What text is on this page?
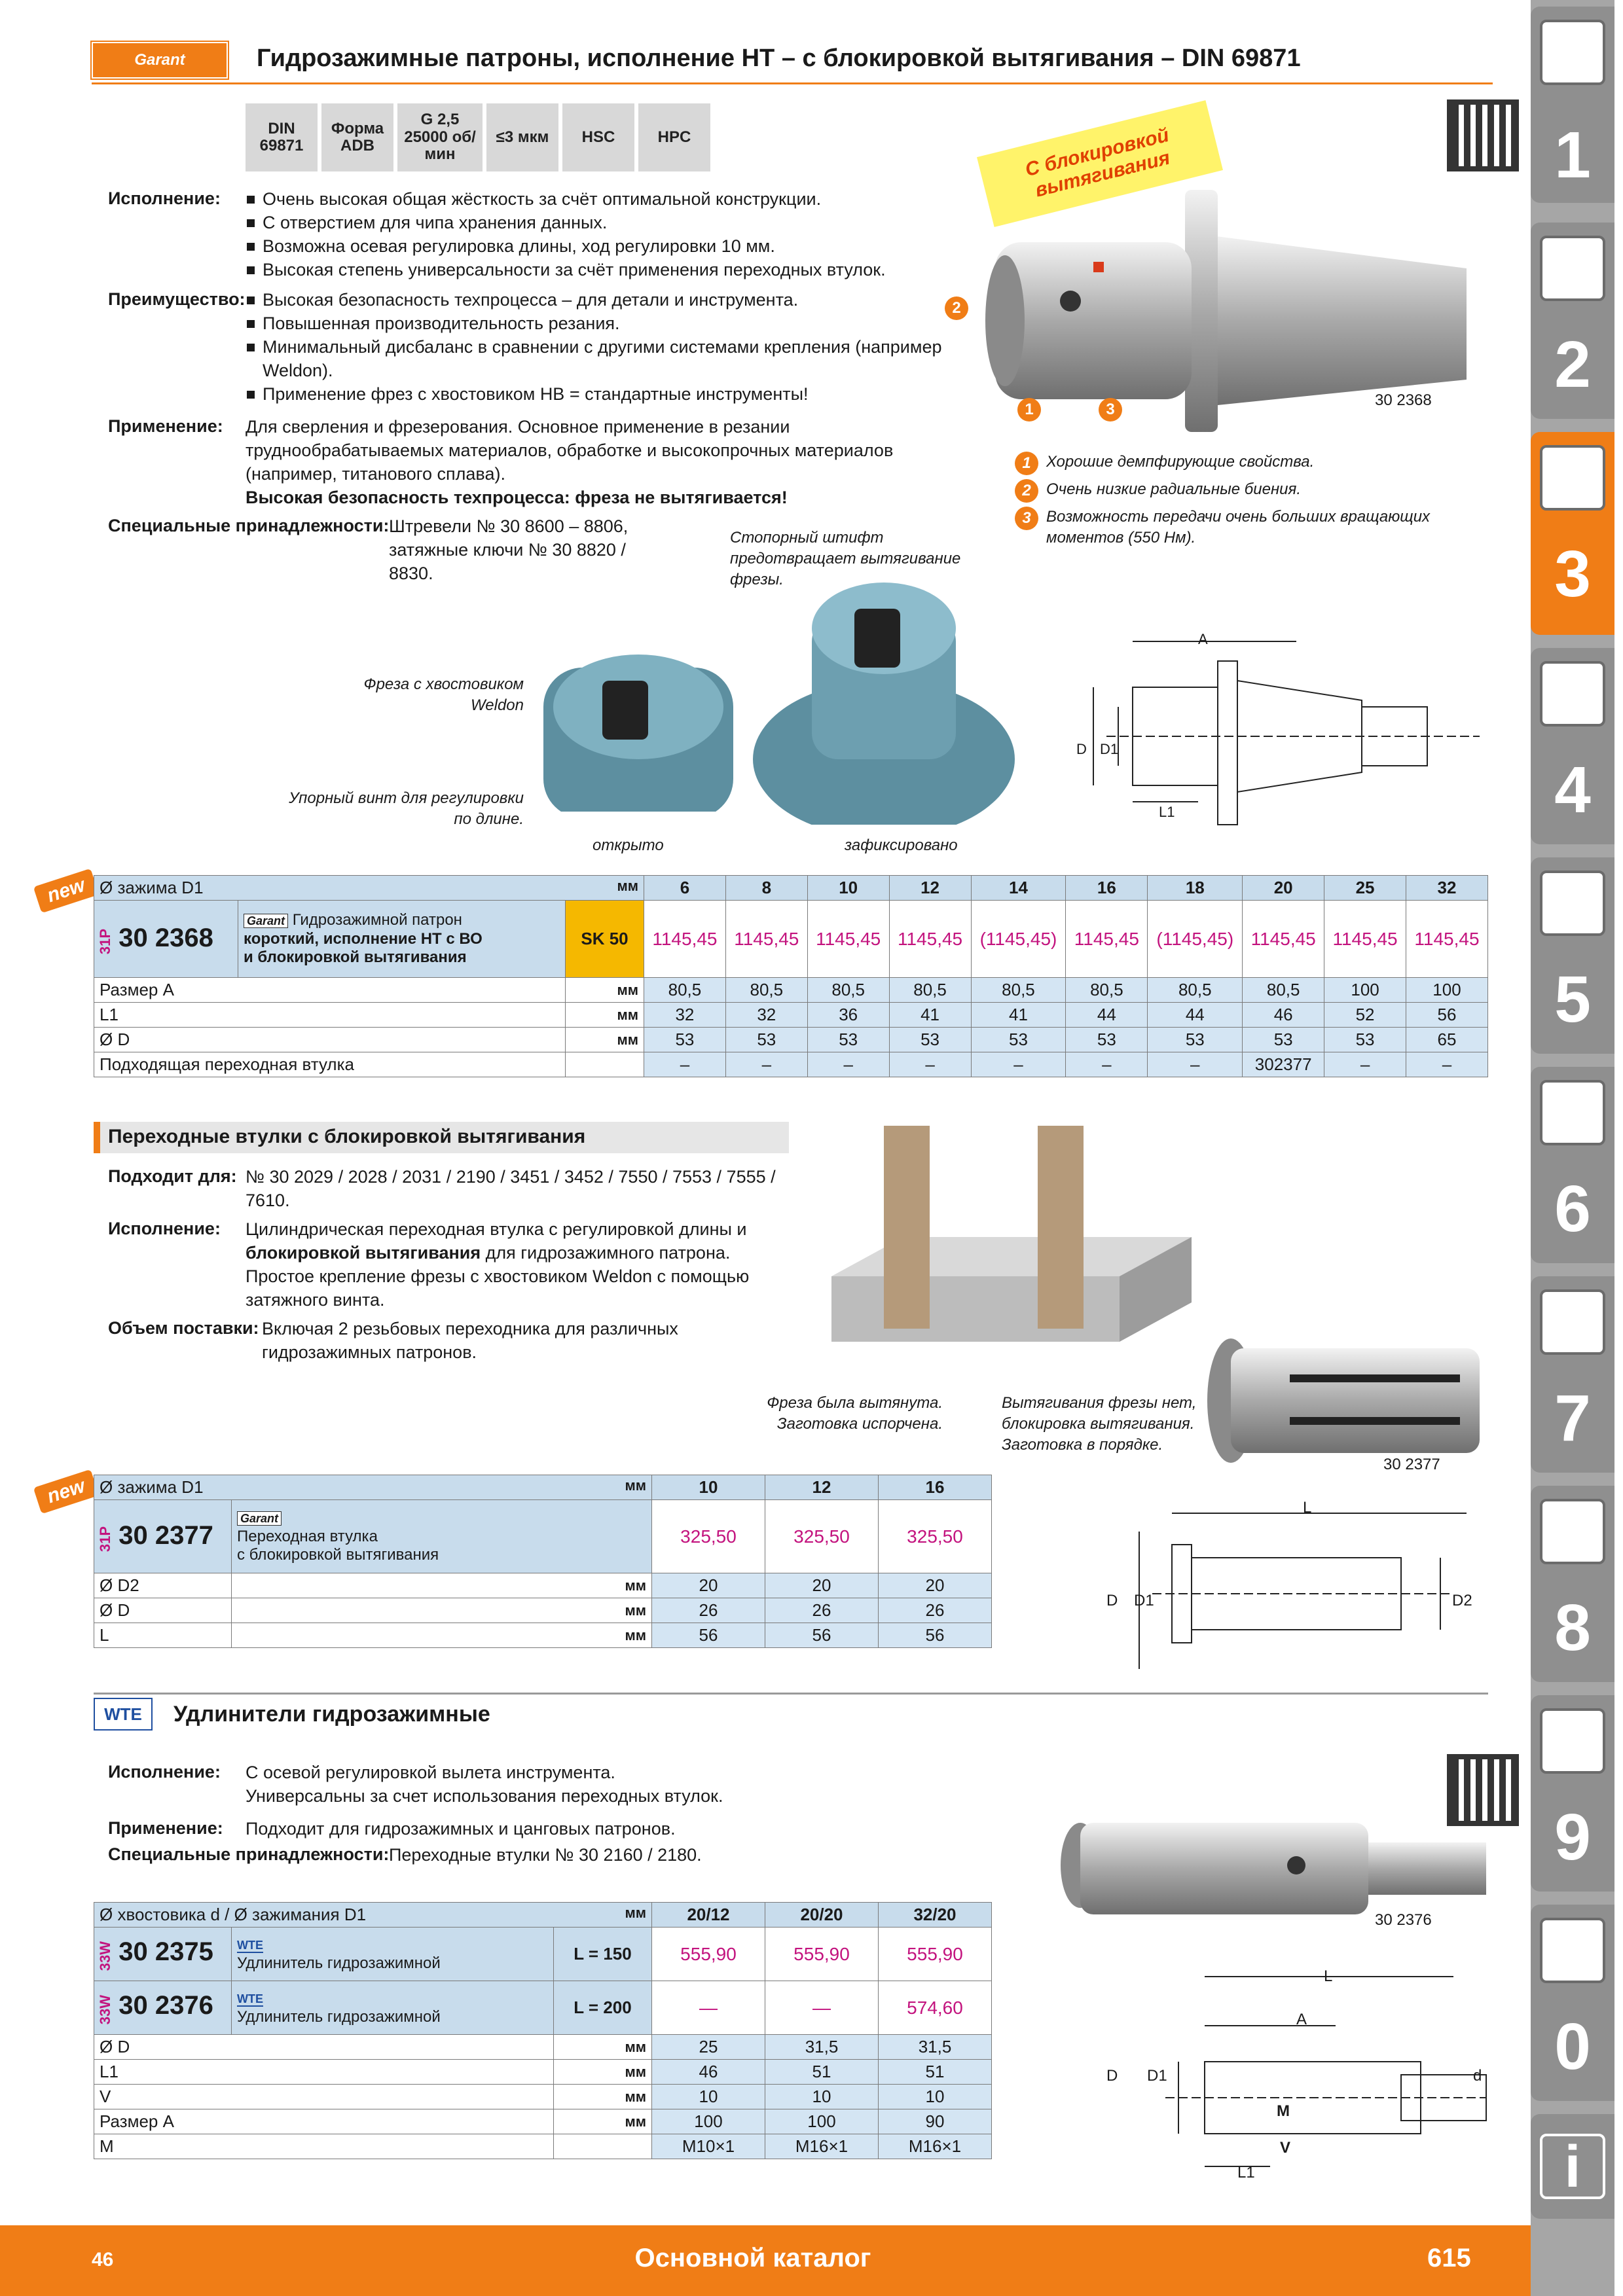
Garant	Гидрозажимные патроны, исполнение НТ – с блокировкой вытягивания – DIN 69871
DIN 69871
Форма ADB
G 2,5 25000 об/мин
≤3 мкм	HSC	HPC
Исполнение:	Очень высокая общая жёсткость за счёт оптимальной конструкции.
С отверстием для чипа хранения данных.
Возможна осевая регулировка длины, ход регулировки 10 мм.
Высокая степень универсальности за счёт применения переходных втулок.
Преимущество: Высокая безопасность техпроцесса – для детали и инструмента.
Повышенная производительность резания.
Минимальный дисбаланс в сравнении с другими системами крепления (например Weldon).
Применение фрез с хвостовиком НВ = стандартные инструменты!
Применение: Для сверления и фрезерования. Основное применение в резании труднообрабатываемых материалов, обработке и высокопрочных материалов (например, титанового сплава).
Высокая безопасность техпроцесса: фреза не вытягивается!
Специальные принадлежности: Штревели № 30 8600 – 8806, затяжные ключи № 30 8820 / 8830.
С блокировкой вытягивания
2
1	3
30 2368
1 Хорошие демпфирующие свойства.
2 Очень низкие радиальные биения.
3 Возможность передачи очень больших вращающих моментов (550 Нм).
Стопорный штифт предотвращает вытягивание фрезы.
Фреза с хвостовиком Weldon
Упорный винт для регулировки по длине.
открыто	зафиксировано
A
D D1
L1
new Ø зажима D1 мм			6	8	10	12	14	16	18	20	25	32
31P 30 2368	Garant Гидрозажимной патрон
короткий, исполнение НТ с ВО
и блокировкой вытягивания	SK 50	1145,45	1145,45	1145,45	1145,45	(1145,45)	1145,45	(1145,45)	1145,45	1145,45	1145,45
Размер A		мм	80,5	80,5	80,5	80,5	80,5	80,5	80,5	80,5	100	100
L1		мм	32	32	36	41	41	44	44	46	52	56
Ø D		мм	53	53	53	53	53	53	53	53	53	65
Подходящая переходная втулка			–	–	–	–	–	–	–	302377	–	–
Переходные втулки с блокировкой вытягивания
Подходит для: № 30 2029 / 2028 / 2031 / 2190 / 3451 / 3452 / 7550 / 7553 / 7555 / 7610.
Исполнение: Цилиндрическая переходная втулка с регулировкой длины и блокировкой вытягивания для гидрозажимного патрона. Простое крепление фрезы с хвостовиком Weldon с помощью затяжного винта.
Объем поставки: Включая 2 резьбовых переходника для различных гидрозажимных патронов.
Фреза была вытянута. Заготовка испорчена.
Вытягивания фрезы нет, блокировка вытягивания. Заготовка в порядке.
30 2377
new Ø зажима D1 мм		10	12	16
31P 30 2377	Garant
Переходная втулка
с блокировкой вытягивания	325,50	325,50	325,50
Ø D2	мм	20	20	20
Ø D	мм	26	26	26
L	мм	56	56	56
L
D D1	D2
WTE	Удлинители гидрозажимные
Исполнение: С осевой регулировкой вылета инструмента.
Универсальны за счет использования переходных втулок.
Применение: Подходит для гидрозажимных и цанговых патронов.
Специальные принадлежности: Переходные втулки № 30 2160 / 2180.
30 2376
Ø хвостовика d / Ø зажимания D1 мм			20/12	20/20	32/20
33W 30 2375	WTE
Удлинитель гидрозажимной	L = 150	555,90	555,90	555,90
33W 30 2376	WTE
Удлинитель гидрозажимной	L = 200	—	—	574,60
Ø D		мм	25	31,5	31,5
L1		мм	46	51	51
V		мм	10	10	10
Размер A		мм	100	100	90
M			M10×1	M16×1	M16×1
L
A
D D1	d
M
V
L1
1
2
3
4
5
6
7
8
9
0
i
46	Основной каталог	615
